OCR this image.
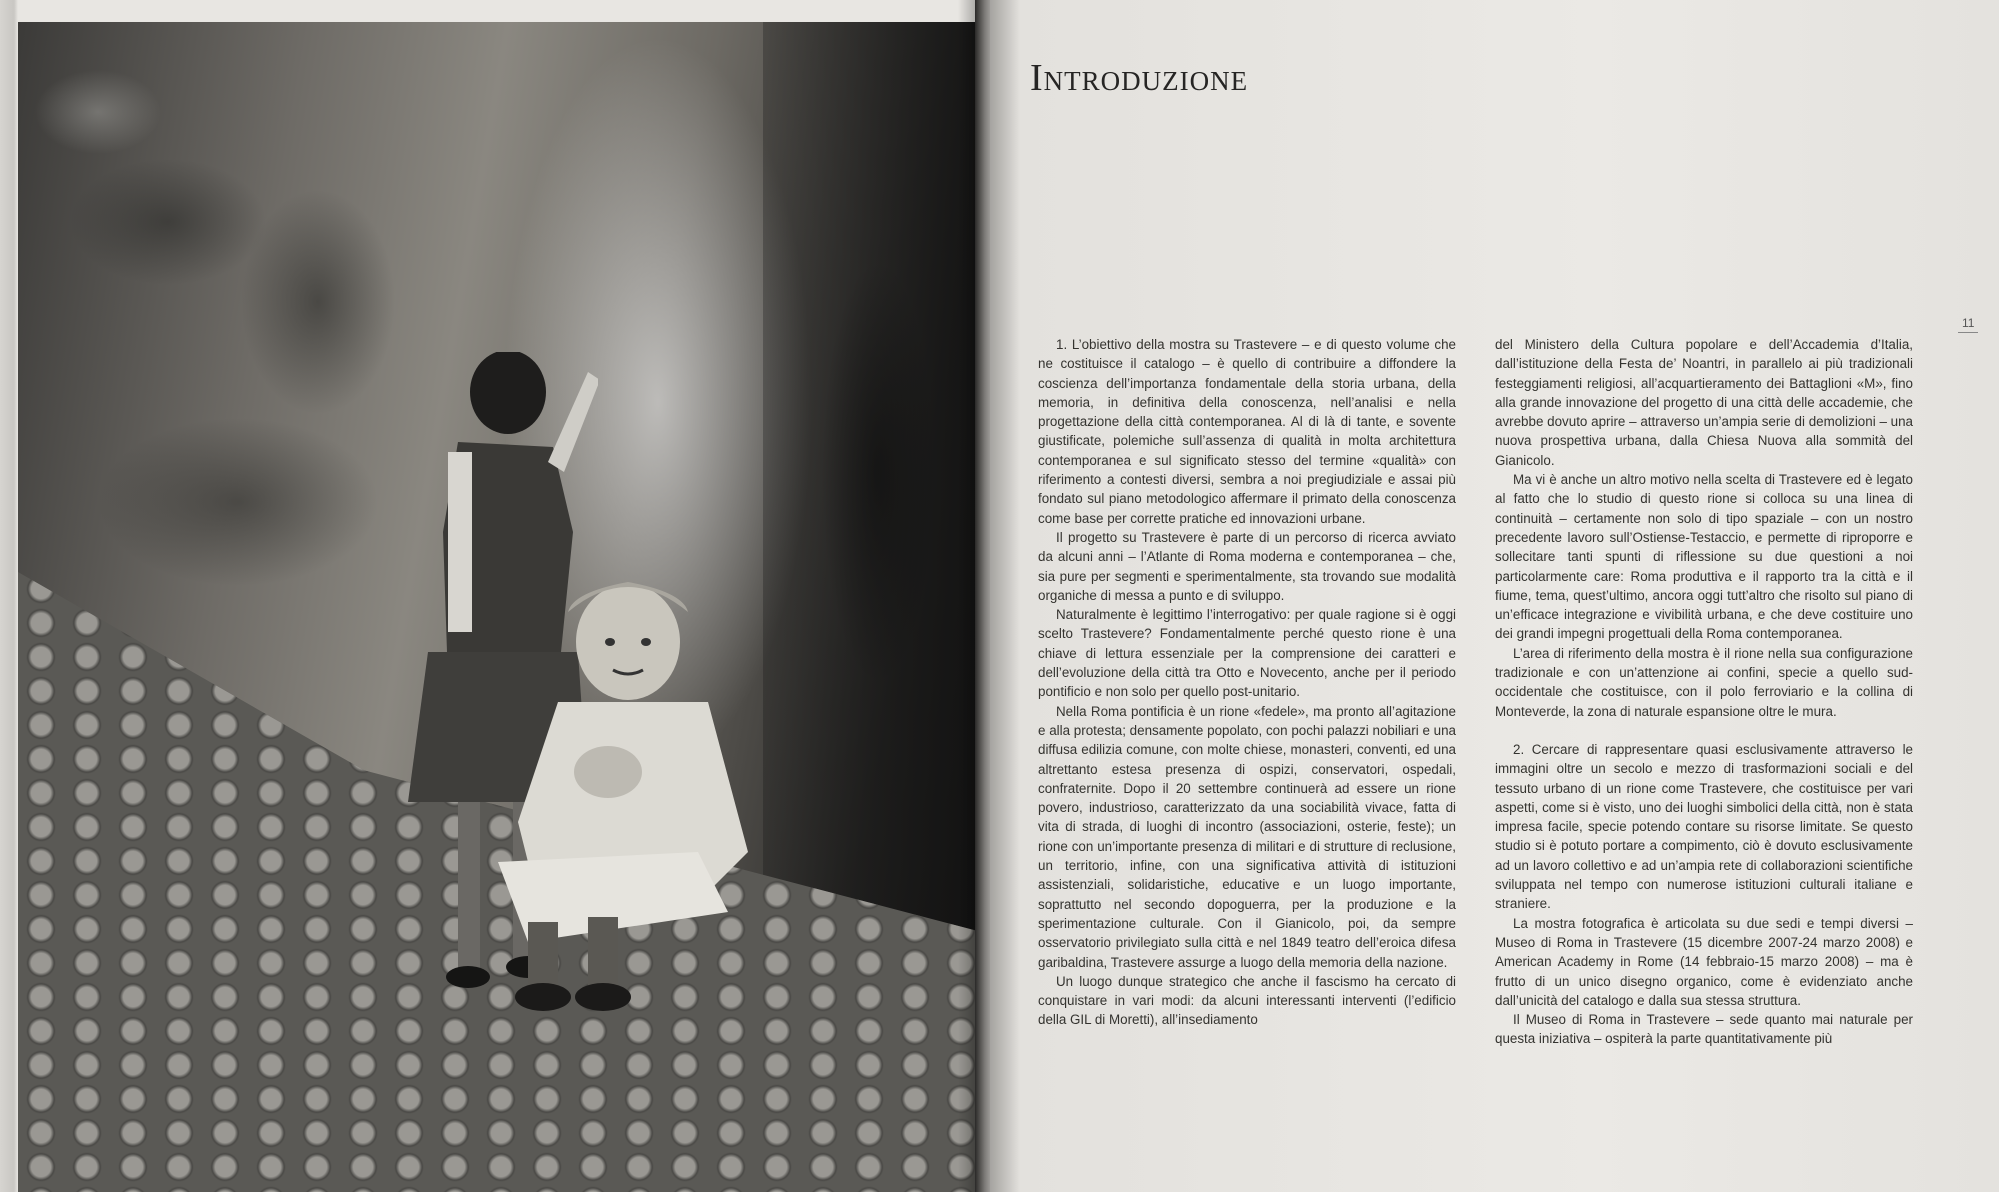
Introduzione
11

1. L’obiettivo della mostra su Trastevere – e di questo volume che ne costituisce il catalogo – è quello di contribuire a diffondere la coscienza dell’importanza fondamentale della storia urbana, della memoria, in definitiva della conoscenza, nell’analisi e nella progettazione della città contemporanea. Al di là di tante, e sovente giustificate, polemiche sull’assenza di qualità in molta architettura contemporanea e sul significato stesso del termine «qualità» con riferimento a contesti diversi, sembra a noi pregiudiziale e assai più fondato sul piano metodologico affermare il primato della conoscenza come base per corrette pratiche ed innovazioni urbane.

Il progetto su Trastevere è parte di un percorso di ricerca avviato da alcuni anni – l’Atlante di Roma moderna e contemporanea – che, sia pure per segmenti e sperimentalmente, sta trovando sue modalità organiche di messa a punto e di sviluppo.

Naturalmente è legittimo l’interrogativo: per quale ragione si è oggi scelto Trastevere? Fondamentalmente perché questo rione è una chiave di lettura essenziale per la comprensione dei caratteri e dell’evoluzione della città tra Otto e Novecento, anche per il periodo pontificio e non solo per quello post-unitario.

Nella Roma pontificia è un rione «fedele», ma pronto all’agitazione e alla protesta; densamente popolato, con pochi palazzi nobiliari e una diffusa edilizia comune, con molte chiese, monasteri, conventi, ed una altrettanto estesa presenza di ospizi, conservatori, ospedali, confraternite. Dopo il 20 settembre continuerà ad essere un rione povero, industrioso, caratterizzato da una sociabilità vivace, fatta di vita di strada, di luoghi di incontro (associazioni, osterie, feste); un rione con un’importante presenza di militari e di strutture di reclusione, un territorio, infine, con una significativa attività di istituzioni assistenziali, solidaristiche, educative e un luogo importante, soprattutto nel secondo dopoguerra, per la produzione e la sperimentazione culturale. Con il Gianicolo, poi, da sempre osservatorio privilegiato sulla città e nel 1849 teatro dell’eroica difesa garibaldina, Trastevere assurge a luogo della memoria della nazione.

Un luogo dunque strategico che anche il fascismo ha cercato di conquistare in vari modi: da alcuni interessanti interventi (l’edificio della GIL di Moretti), all’insediamento

del Ministero della Cultura popolare e dell’Accademia d’Italia, dall’istituzione della Festa de’ Noantri, in parallelo ai più tradizionali festeggiamenti religiosi, all’acquartieramento dei Battaglioni «M», fino alla grande innovazione del progetto di una città delle accademie, che avrebbe dovuto aprire – attraverso un’ampia serie di demolizioni – una nuova prospettiva urbana, dalla Chiesa Nuova alla sommità del Gianicolo.

Ma vi è anche un altro motivo nella scelta di Trastevere ed è legato al fatto che lo studio di questo rione si colloca su una linea di continuità – certamente non solo di tipo spaziale – con un nostro precedente lavoro sull’Ostiense-Testaccio, e permette di riproporre e sollecitare tanti spunti di riflessione su due questioni a noi particolarmente care: Roma produttiva e il rapporto tra la città e il fiume, tema, quest’ultimo, ancora oggi tutt’altro che risolto sul piano di un’efficace integrazione e vivibilità urbana, e che deve costituire uno dei grandi impegni progettuali della Roma contemporanea.

L’area di riferimento della mostra è il rione nella sua configurazione tradizionale e con un’attenzione ai confini, specie a quello sud-occidentale che costituisce, con il polo ferroviario e la collina di Monteverde, la zona di naturale espansione oltre le mura.

2. Cercare di rappresentare quasi esclusivamente attraverso le immagini oltre un secolo e mezzo di trasformazioni sociali e del tessuto urbano di un rione come Trastevere, che costituisce per vari aspetti, come si è visto, uno dei luoghi simbolici della città, non è stata impresa facile, specie potendo contare su risorse limitate. Se questo studio si è potuto portare a compimento, ciò è dovuto esclusivamente ad un lavoro collettivo e ad un’ampia rete di collaborazioni scientifiche sviluppata nel tempo con numerose istituzioni culturali italiane e straniere.

La mostra fotografica è articolata su due sedi e tempi diversi – Museo di Roma in Trastevere (15 dicembre 2007-24 marzo 2008) e American Academy in Rome (14 febbraio-15 marzo 2008) – ma è frutto di un unico disegno organico, come è evidenziato anche dall’unicità del catalogo e dalla sua stessa struttura.

Il Museo di Roma in Trastevere – sede quanto mai naturale per questa iniziativa – ospiterà la parte quantitativamente più
